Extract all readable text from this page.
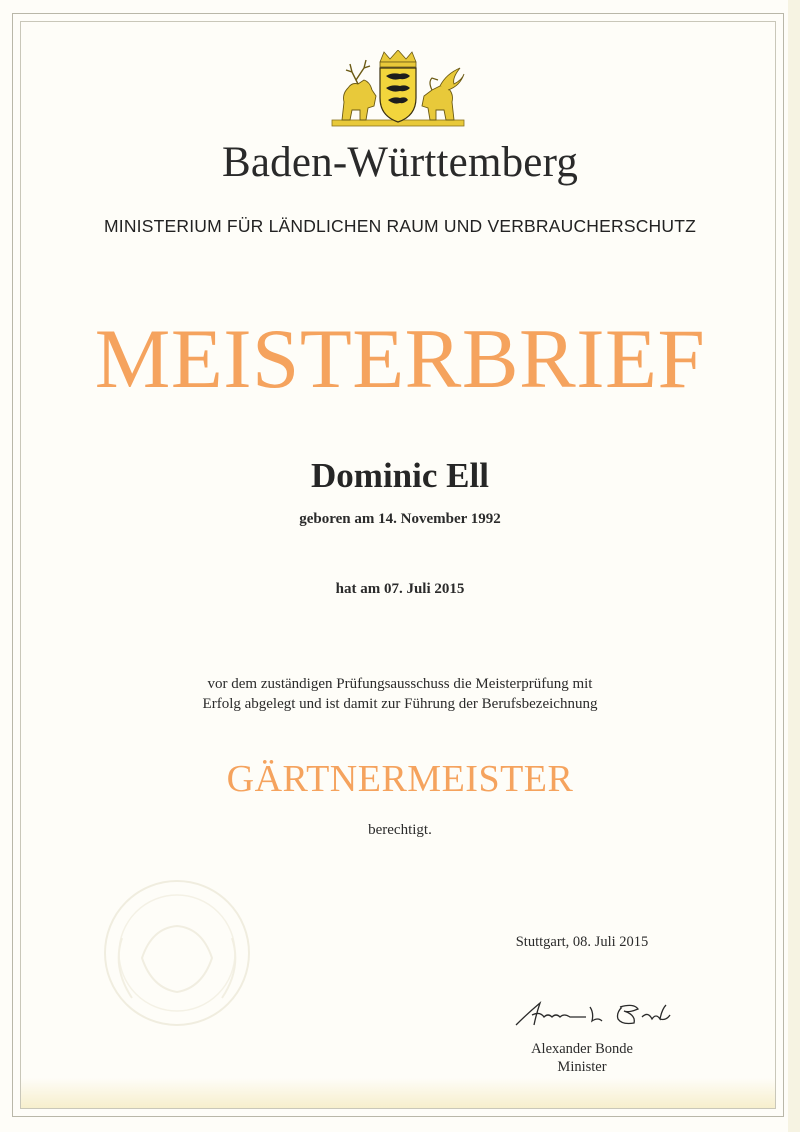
Baden-Württemberg
MINISTERIUM FÜR LÄNDLICHEN RAUM UND VERBRAUCHERSCHUTZ
MEISTERBRIEF
Dominic Ell
geboren am 14. November 1992
hat am 07. Juli 2015
vor dem zuständigen Prüfungsausschuss die Meisterprüfung mit
Erfolg abgelegt und ist damit zur Führung der Berufsbezeichnung
GÄRTNERMEISTER
berechtigt.
Stuttgart, 08. Juli 2015
Alexander Bonde
Minister
